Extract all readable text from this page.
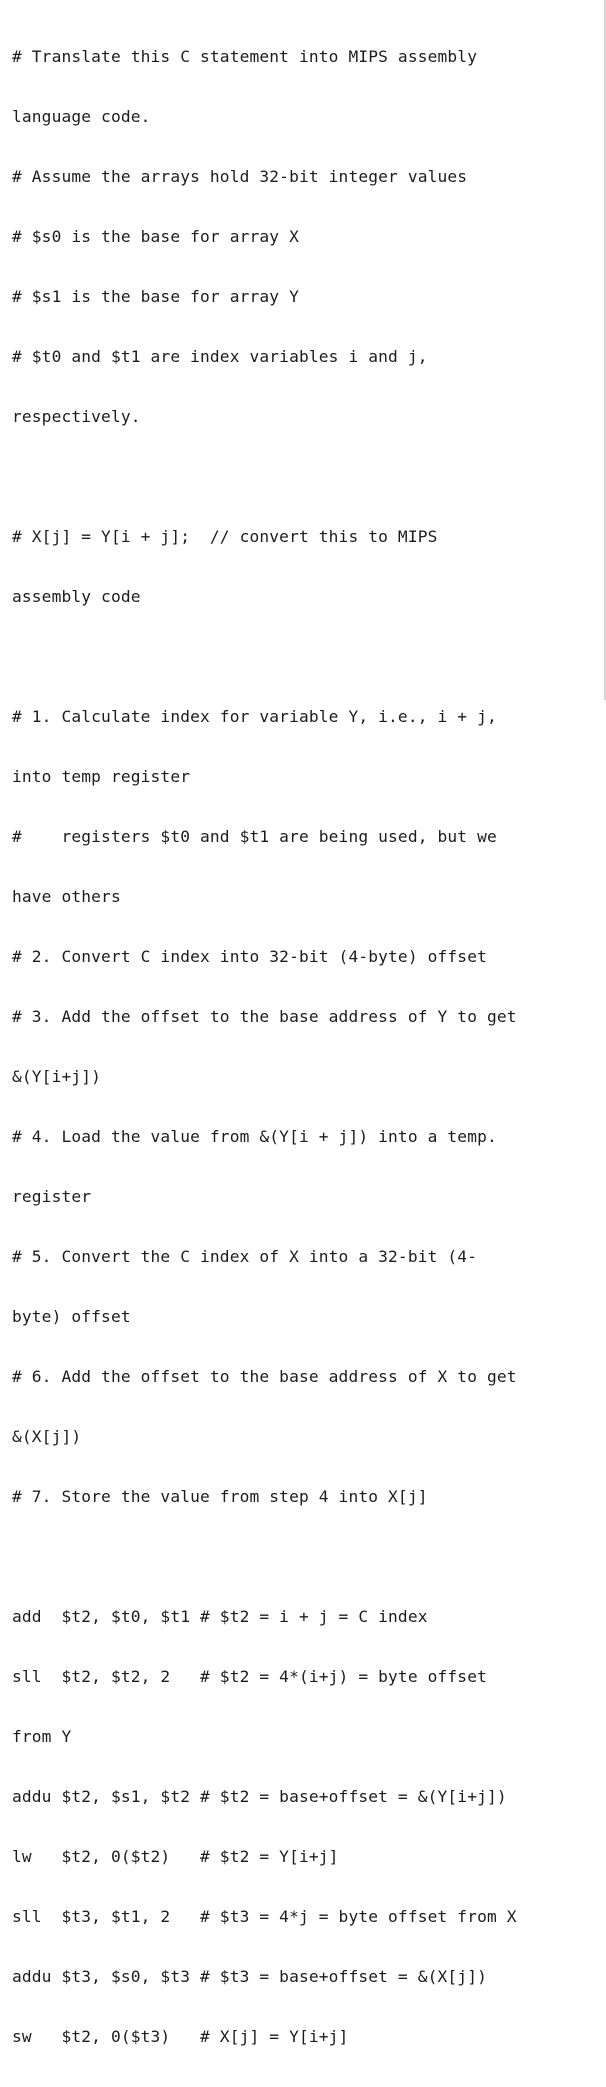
# Translate this C statement into MIPS assembly

language code.

# Assume the arrays hold 32-bit integer values

# $s0 is the base for array X

# $s1 is the base for array Y

# $t0 and $t1 are index variables i and j,

respectively.

# X[j] = Y[i + j];  // convert this to MIPS

assembly code

# 1. Calculate index for variable Y, i.e., i + j,

into temp register

#    registers $t0 and $t1 are being used, but we

have others

# 2. Convert C index into 32-bit (4-byte) offset

# 3. Add the offset to the base address of Y to get

&(Y[i+j])

# 4. Load the value from &(Y[i + j]) into a temp.

register

# 5. Convert the C index of X into a 32-bit (4-

byte) offset

# 6. Add the offset to the base address of X to get

&(X[j])

# 7. Store the value from step 4 into X[j]

add  $t2, $t0, $t1 # $t2 = i + j = C index

sll  $t2, $t2, 2   # $t2 = 4*(i+j) = byte offset

from Y

addu $t2, $s1, $t2 # $t2 = base+offset = &(Y[i+j])

lw   $t2, 0($t2)   # $t2 = Y[i+j]

sll  $t3, $t1, 2   # $t3 = 4*j = byte offset from X

addu $t3, $s0, $t3 # $t3 = base+offset = &(X[j])

sw   $t2, 0($t3)   # X[j] = Y[i+j]
